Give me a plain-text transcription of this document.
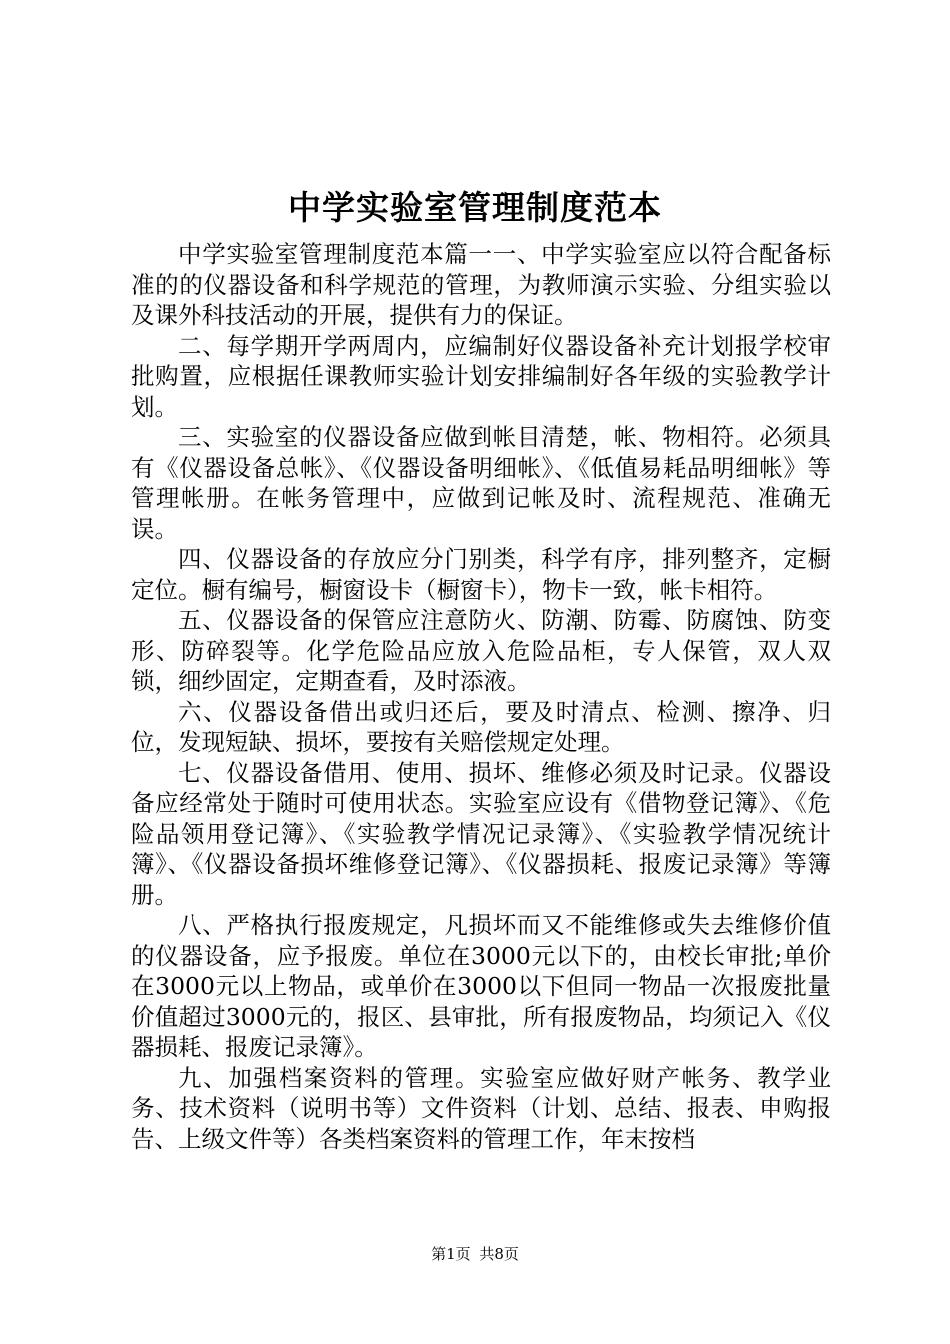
中学实验室管理制度范本

中学实验室管理制度范本篇一一、中学实验室应以符合配备标准的的仪器设备和科学规范的管理，为教师演示实验、分组实验以及课外科技活动的开展，提供有力的保证。

二、每学期开学两周内，应编制好仪器设备补充计划报学校审批购置，应根据任课教师实验计划安排编制好各年级的实验教学计划。

三、实验室的仪器设备应做到帐目清楚，帐、物相符。必须具有《仪器设备总帐》、《仪器设备明细帐》、《低值易耗品明细帐》等管理帐册。在帐务管理中，应做到记帐及时、流程规范、准确无误。

四、仪器设备的存放应分门别类，科学有序，排列整齐，定橱定位。橱有编号，橱窗设卡（橱窗卡），物卡一致，帐卡相符。

五、仪器设备的保管应注意防火、防潮、防霉、防腐蚀、防变形、防碎裂等。化学危险品应放入危险品柜，专人保管，双人双锁，细纱固定，定期查看，及时添液。

六、仪器设备借出或归还后，要及时清点、检测、擦净、归位，发现短缺、损坏，要按有关赔偿规定处理。

七、仪器设备借用、使用、损坏、维修必须及时记录。仪器设备应经常处于随时可使用状态。实验室应设有《借物登记簿》、《危险品领用登记簿》、《实验教学情况记录簿》、《实验教学情况统计簿》、《仪器设备损坏维修登记簿》、《仪器损耗、报废记录簿》等簿册。

八、严格执行报废规定，凡损坏而又不能维修或失去维修价值的仪器设备，应予报废。单位在3000元以下的，由校长审批;单价在3000元以上物品，或单价在3000以下但同一物品一次报废批量价值超过3000元的，报区、县审批，所有报废物品，均须记入《仪器损耗、报废记录簿》。

九、加强档案资料的管理。实验室应做好财产帐务、教学业务、技术资料（说明书等）文件资料（计划、总结、报表、申购报告、上级文件等）各类档案资料的管理工作，年末按档

第1页 共8页
